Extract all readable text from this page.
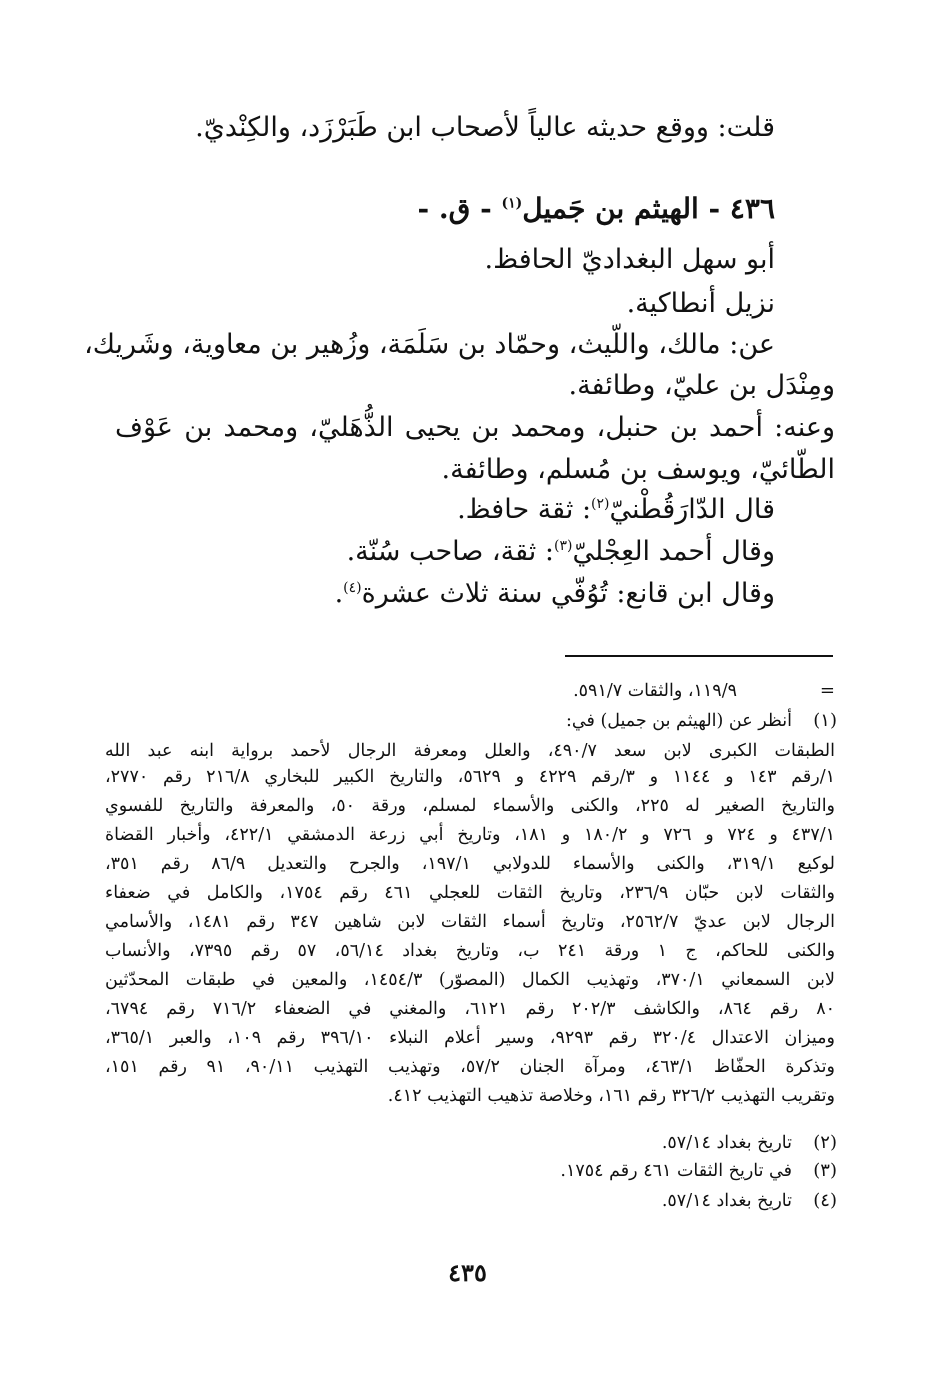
قلت: ووقع حديثه عالياً لأصحاب ابن طَبَرْزَد، والكِنْديّ.
٤٣٦ - الهيثم بن جَميل$^{(١)}$ - ق. -
أبو سهل البغداديّ الحافظ.
نزيل أنطاكية.
عن: مالك، واللّيث، وحمّاد بن سَلَمَة، وزُهير بن معاوية، وشَريك،
ومِنْدَل بن عليّ، وطائفة.
وعنه: أحمد بن حنبل، ومحمد بن يحيى الذُّهَليّ، ومحمد بن عَوْف
الطّائيّ، ويوسف بن مُسلم، وطائفة.
قال الدّارَقُطْنيّ$^{(٢)}$: ثقة حافظ.
وقال أحمد العِجْليّ$^{(٣)}$: ثقة، صاحب سُنّة.
وقال ابن قانع: تُوُفّي سنة ثلاث عشرة$^{(٤)}$.
=
١١٩/٩، والثقات ٥٩١/٧.
(١)
أنظر عن (الهيثم بن جميل) في:
الطبقات الكبرى لابن سعد ٤٩٠/٧، والعلل ومعرفة الرجال لأحمد برواية ابنه عبد الله
١/رقم ١٤٣ و ١١٤٤ و ٣/رقم ٤٢٢٩ و ٥٦٢٩، والتاريخ الكبير للبخاري ٢١٦/٨ رقم ٢٧٧٠،
والتاريخ الصغير له ٢٢٥، والكنى والأسماء لمسلم، ورقة ٥٠، والمعرفة والتاريخ للفسوي
٤٣٧/١ و ٧٢٤ و ٧٢٦ و ١٨٠/٢ و ١٨١، وتاريخ أبي زرعة الدمشقي ٤٢٢/١، وأخبار القضاة
لوكيع ٣١٩/١، والكنى والأسماء للدولابي ١٩٧/١، والجرح والتعديل ٨٦/٩ رقم ٣٥١،
والثقات لابن حبّان ٢٣٦/٩، وتاريخ الثقات للعجلي ٤٦١ رقم ١٧٥٤، والكامل في ضعفاء
الرجال لابن عديّ ٢٥٦٢/٧، وتاريخ أسماء الثقات لابن شاهين ٣٤٧ رقم ١٤٨١، والأسامي
والكنى للحاكم، ج ١ ورقة ٢٤١ ب، وتاريخ بغداد ٥٦/١٤، ٥٧ رقم ٧٣٩٥، والأنساب
لابن السمعاني ٣٧٠/١، وتهذيب الكمال (المصوّر) ١٤٥٤/٣، والمعين في طبقات المحدّثين
٨٠ رقم ٨٦٤، والكاشف ٢٠٢/٣ رقم ٦١٢١، والمغني في الضعفاء ٧١٦/٢ رقم ٦٧٩٤،
وميزان الاعتدال ٣٢٠/٤ رقم ٩٢٩٣، وسير أعلام النبلاء ٣٩٦/١٠ رقم ١٠٩، والعبر ٣٦٥/١،
وتذكرة الحفّاظ ٤٦٣/١، ومرآة الجنان ٥٧/٢، وتهذيب التهذيب ٩٠/١١، ٩١ رقم ١٥١،
وتقريب التهذيب ٣٢٦/٢ رقم ١٦١، وخلاصة تذهيب التهذيب ٤١٢.
(٢)
تاريخ بغداد ٥٧/١٤.
(٣)
في تاريخ الثقات ٤٦١ رقم ١٧٥٤.
(٤)
تاريخ بغداد ٥٧/١٤.
٤٣٥
